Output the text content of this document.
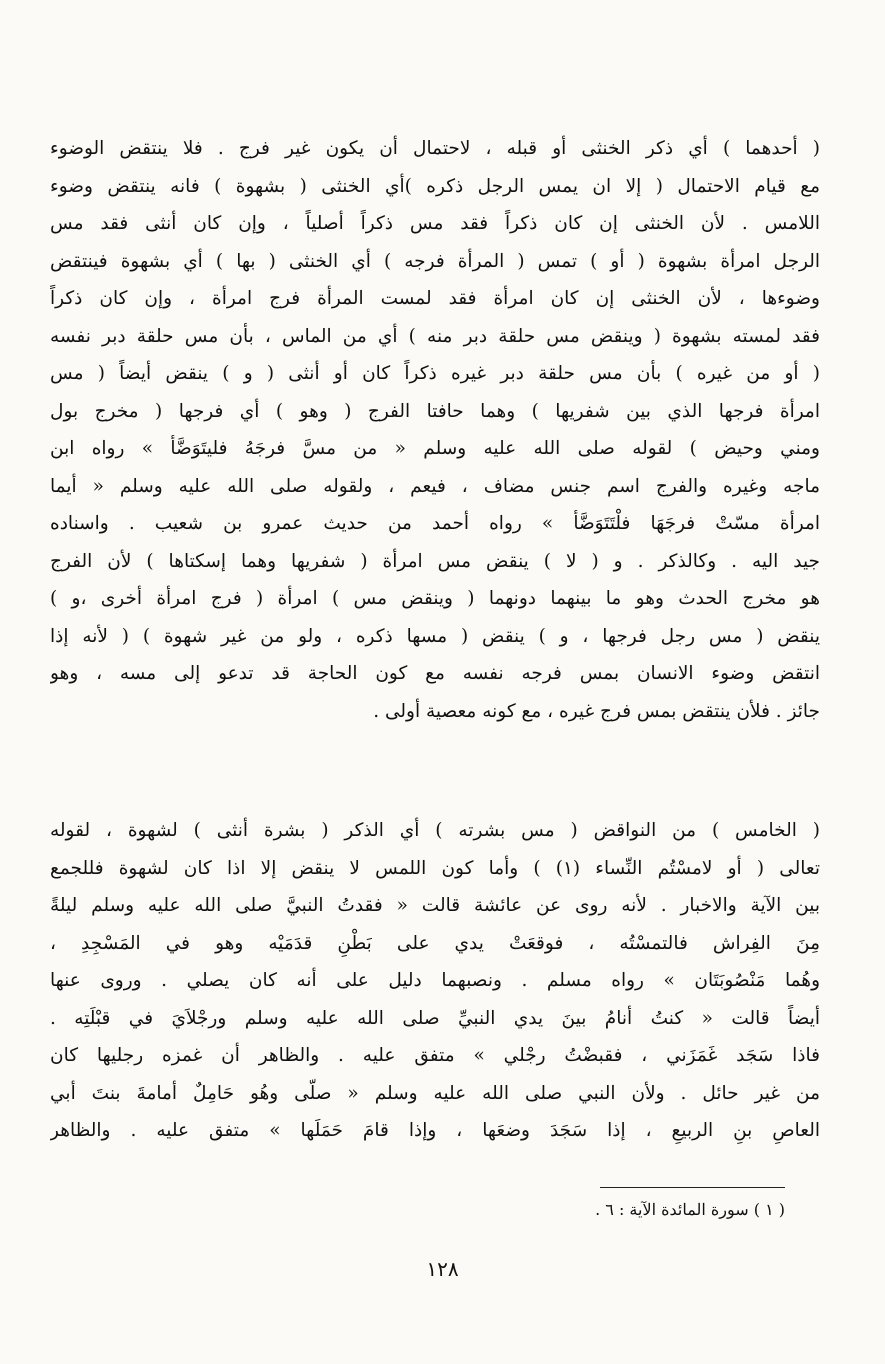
( أحدهما ) أي ذكر الخنثى أو قبله ، لاحتمال أن يكون غير فرج . فلا ينتقض الوضوء
مع قيام الاحتمال ( إلا ان يمس الرجل ذكره )أي الخنثى ( بشهوة ) فانه ينتقض وضوء
اللامس . لأن الخنثى إن كان ذكراً فقد مس ذكراً أصلياً ، وإن كان أنثى فقد مس
الرجل امرأة بشهوة ( أو ) تمس ( المرأة فرجه ) أي الخنثى ( بها ) أي بشهوة فينتقض
وضوءها ، لأن الخنثى إن كان امرأة فقد لمست المرأة فرج امرأة ، وإن كان ذكراً
فقد لمسته بشهوة ( وينقض مس حلقة دبر منه ) أي من الماس ، بأن مس حلقة دبر نفسه
( أو من غيره ) بأن مس حلقة دبر غيره ذكراً كان أو أنثى ( و ) ينقض أيضاً ( مس
امرأة فرجها الذي بين شفريها ) وهما حافتا الفرج ( وهو ) أي فرجها ( مخرج بول
ومني وحيض ) لقوله صلى الله عليه وسلم « من مسَّ فرجَهُ فليتَوَضَّأ » رواه ابن
ماجه وغيره والفرج اسم جنس مضاف ، فيعم ، ولقوله صلى الله عليه وسلم « أيما
امرأة مسّتْ فرجَهَا فلْتَتَوَضَّأ » رواه أحمد من حديث عمرو بن شعيب . واسناده
جيد اليه . وكالذكر . و ( لا ) ينقض مس امرأة ( شفريها وهما إسكتاها ) لأن الفرج
هو مخرج الحدث وهو ما بينهما دونهما ( وينقض مس ) امرأة ( فرج امرأة أخرى ،و )
ينقض ( مس رجل فرجها ، و ) ينقض ( مسها ذكره ، ولو من غير شهوة ) ( لأنه إذا
انتقض وضوء الانسان بمس فرجه نفسه مع كون الحاجة قد تدعو إلى مسه ، وهو
جائز . فلأن ينتقض بمس فرج غيره ، مع كونه معصية أولى .
( الخامس ) من النواقض ( مس بشرته ) أي الذكر ( بشرة أنثى ) لشهوة ، لقوله
تعالى ( أو لامسْتُم النِّساء (١) ) وأما كون اللمس لا ينقض إلا اذا كان لشهوة فللجمع
بين الآية والاخبار . لأنه روى عن عائشة قالت « فقدتُ النبيَّ صلى الله عليه وسلم ليلةً
مِنَ الفِراش فالتمسْتُه ، فوقعَتْ يدي على بَطْنِ قدَمَيْه وهو في المَسْجِدِ ،
وهُما مَنْصُوبَتَان » رواه مسلم . ونصبهما دليل على أنه كان يصلي . وروى عنها
أيضاً قالت « كنتُ أنامُ بينَ يدي النبيِّ صلى الله عليه وسلم ورجْلاَيَ في قبْلَتِه .
فاذا سَجَد غَمَزَني ، فقبضْتُ رجْلي » متفق عليه . والظاهر أن غمزه رجليها كان
من غير حائل . ولأن النبي صلى الله عليه وسلم « صلّى وهُو حَامِلٌ أمامةَ بنتَ أبي
العاصِ بنِ الربيعِ ، إذا سَجَدَ وضعَها ، وإذا قامَ حَمَلَها » متفق عليه . والظاهر
( ١ ) سورة المائدة الآية : ٦ .
١٢٨
